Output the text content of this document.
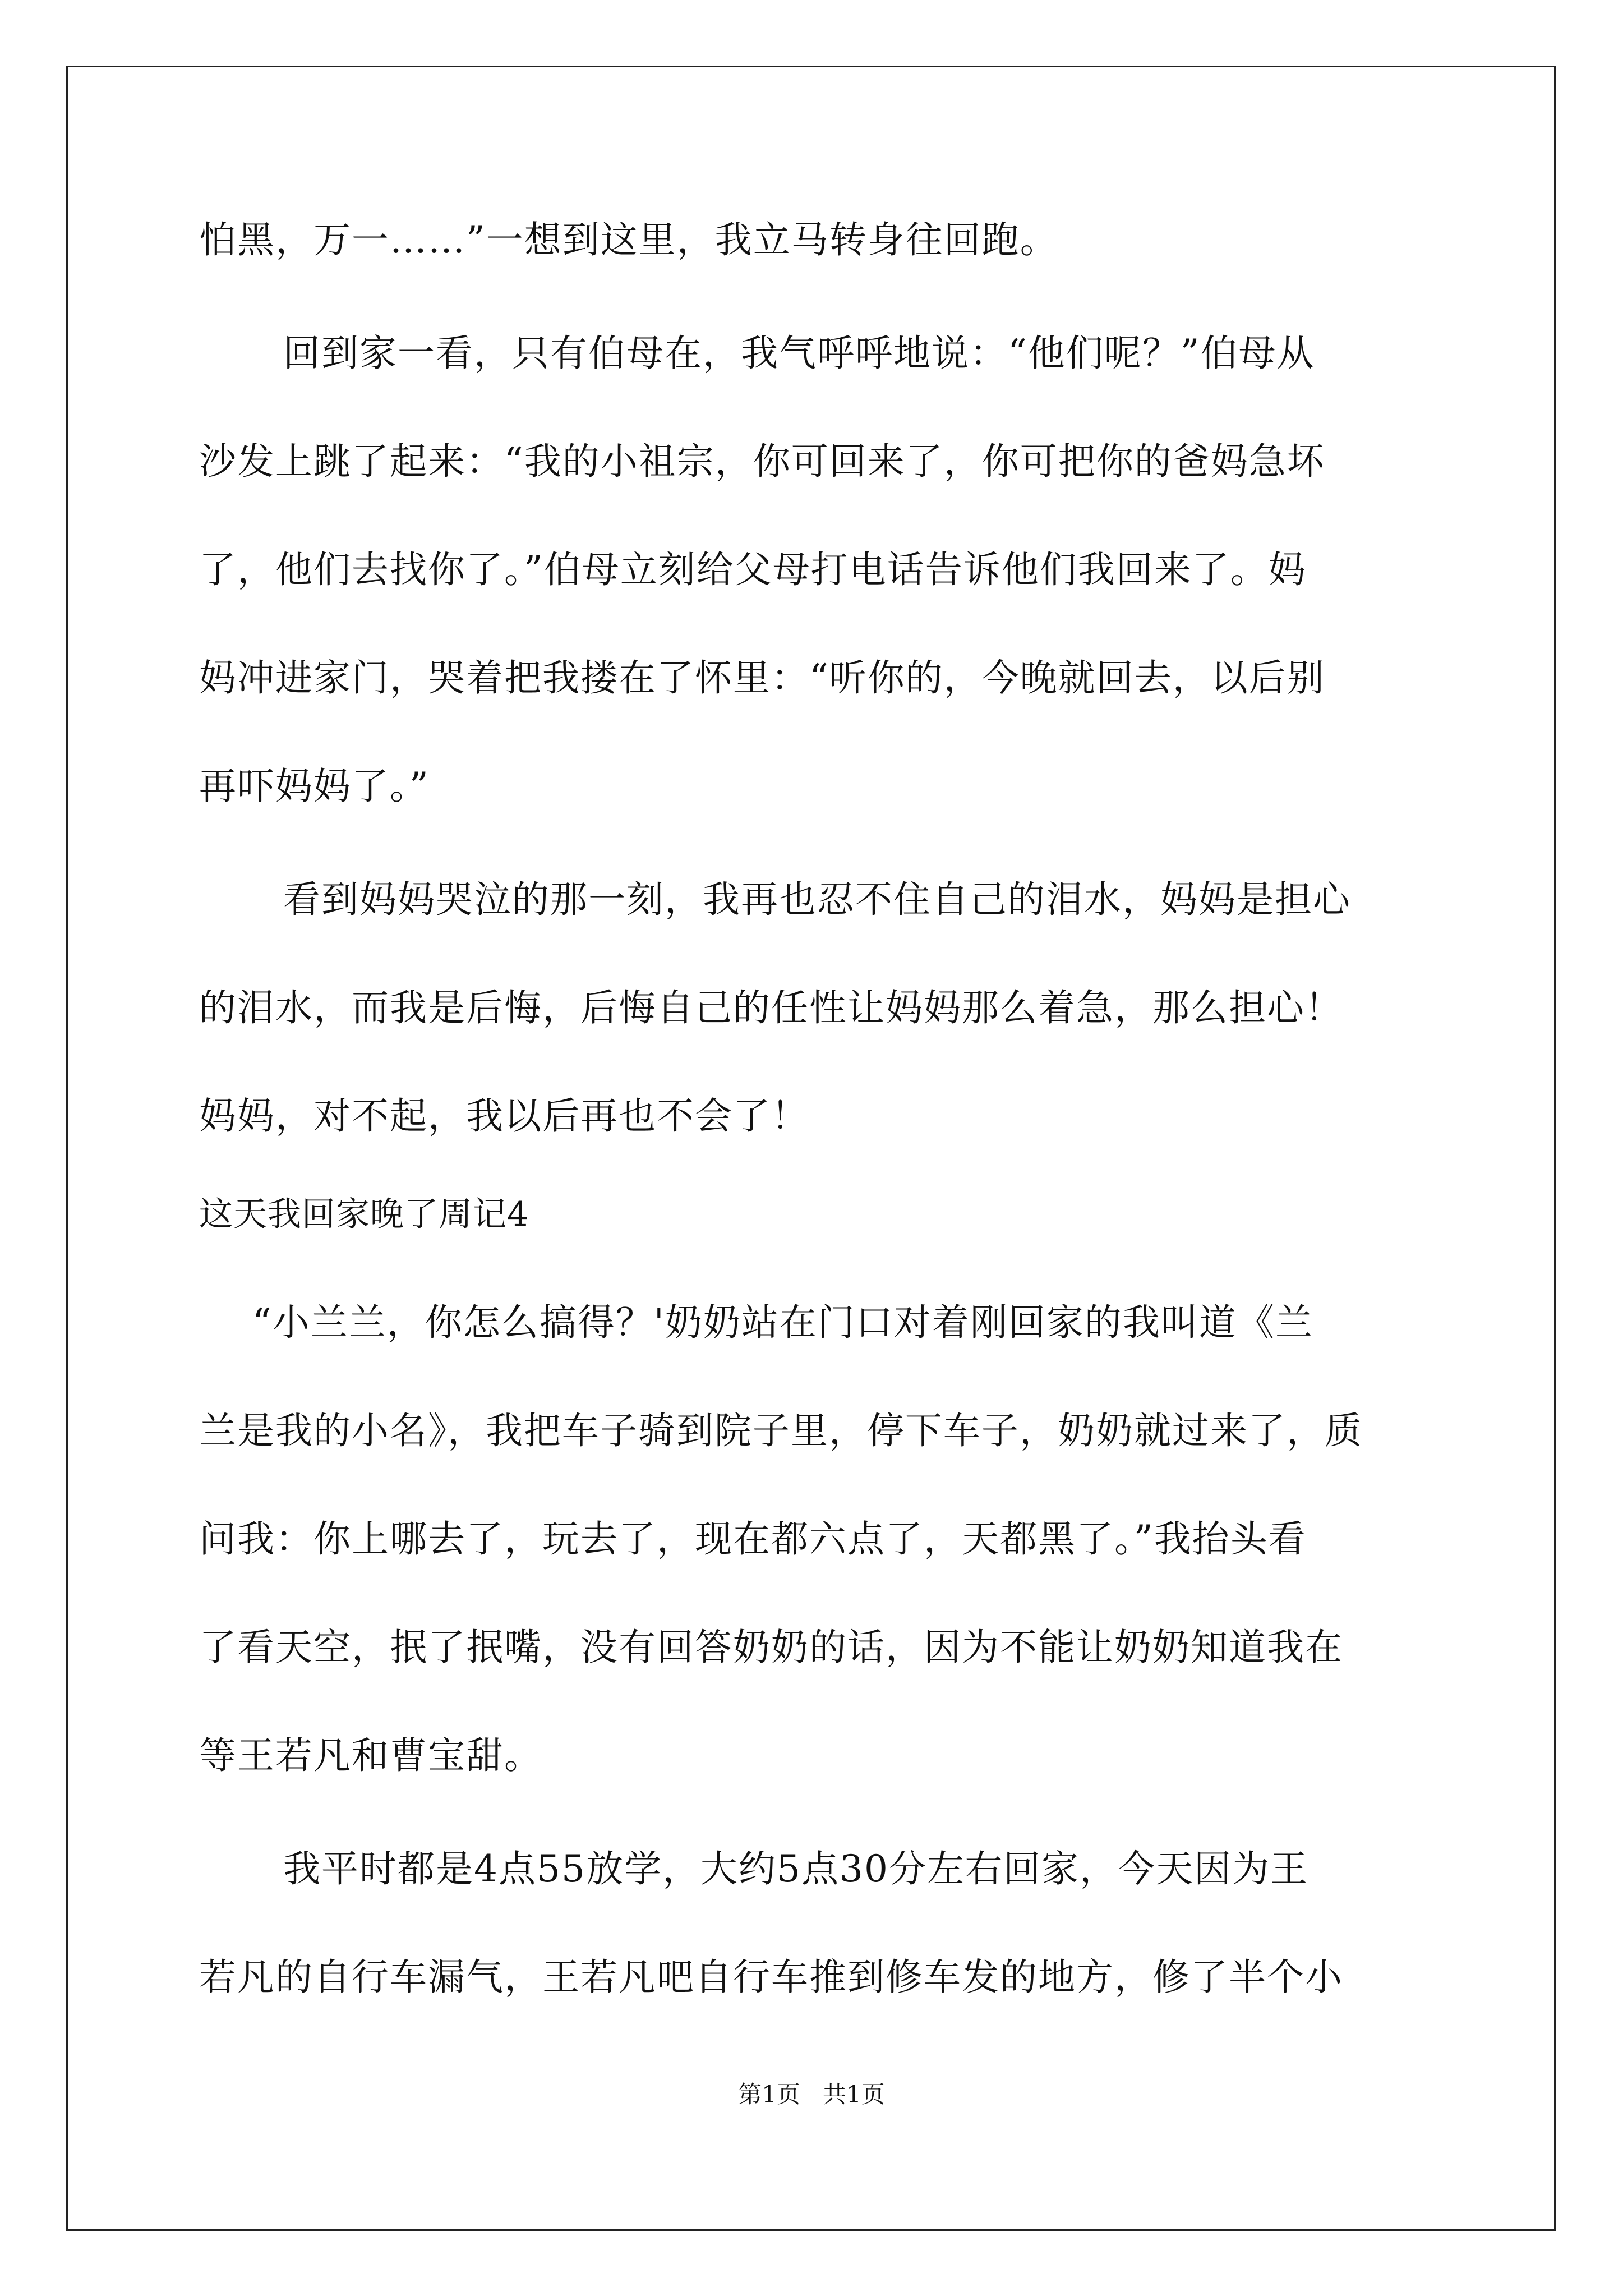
怕黑，万一……”一想到这里，我立马转身往回跑。
回到家一看，只有伯母在，我气呼呼地说：“他们呢？”伯母从
沙发上跳了起来：“我的小祖宗，你可回来了，你可把你的爸妈急坏
了，他们去找你了。”伯母立刻给父母打电话告诉他们我回来了。妈
妈冲进家门，哭着把我搂在了怀里：“听你的，今晚就回去，以后别
再吓妈妈了。”
看到妈妈哭泣的那一刻，我再也忍不住自己的泪水，妈妈是担心
的泪水，而我是后悔，后悔自己的任性让妈妈那么着急，那么担心！
妈妈，对不起，我以后再也不会了！
这天我回家晚了周记4
“小兰兰，你怎么搞得？'奶奶站在门口对着刚回家的我叫道《兰
兰是我的小名》，我把车子骑到院子里，停下车子，奶奶就过来了，质
问我：你上哪去了，玩去了，现在都六点了，天都黑了。”我抬头看
了看天空，抿了抿嘴，没有回答奶奶的话，因为不能让奶奶知道我在
等王若凡和曹宝甜。
我平时都是4点55放学，大约5点30分左右回家，今天因为王
若凡的自行车漏气，王若凡吧自行车推到修车发的地方，修了半个小
第1页   共1页
